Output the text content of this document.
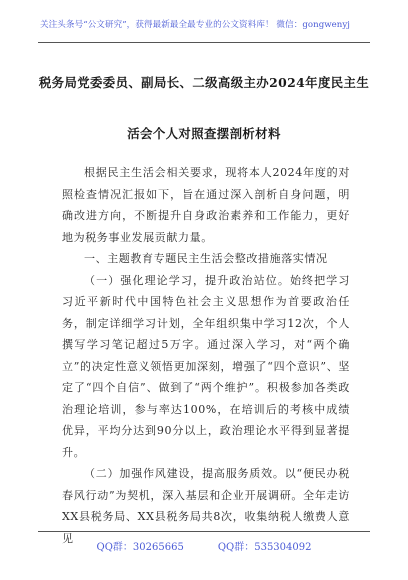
关注头条号“公文研究”，获得最新最全最专业的公文资料库！ 微信：gongwenyj
税务局党委委员、副局长、二级高级主办2024年度民主生
活会个人对照查摆剖析材料

根据民主生活会相关要求，现将本人2024年度的对照检查情况汇报如下，旨在通过深入剖析自身问题，明确改进方向，不断提升自身政治素养和工作能力，更好地为税务事业发展贡献力量。

一、主题教育专题民主生活会整改措施落实情况

（一）强化理论学习，提升政治站位。始终把学习习近平新时代中国特色社会主义思想作为首要政治任务，制定详细学习计划，全年组织集中学习12次，个人撰写学习笔记超过5万字。通过深入学习，对“两个确立”的决定性意义领悟更加深刻，增强了“四个意识”、坚定了“四个自信”、做到了“两个维护”。积极参加各类政治理论培训，参与率达100%，在培训后的考核中成绩优异，平均分达到90分以上，政治理论水平得到显著提升。

（二）加强作风建设，提高服务质效。以“便民办税春风行动”为契机，深入基层和企业开展调研。全年走访XX县税务局、XX县税务局共8次，收集纳税人缴费人意见

QQ群：30265665	QQ群：535304092
